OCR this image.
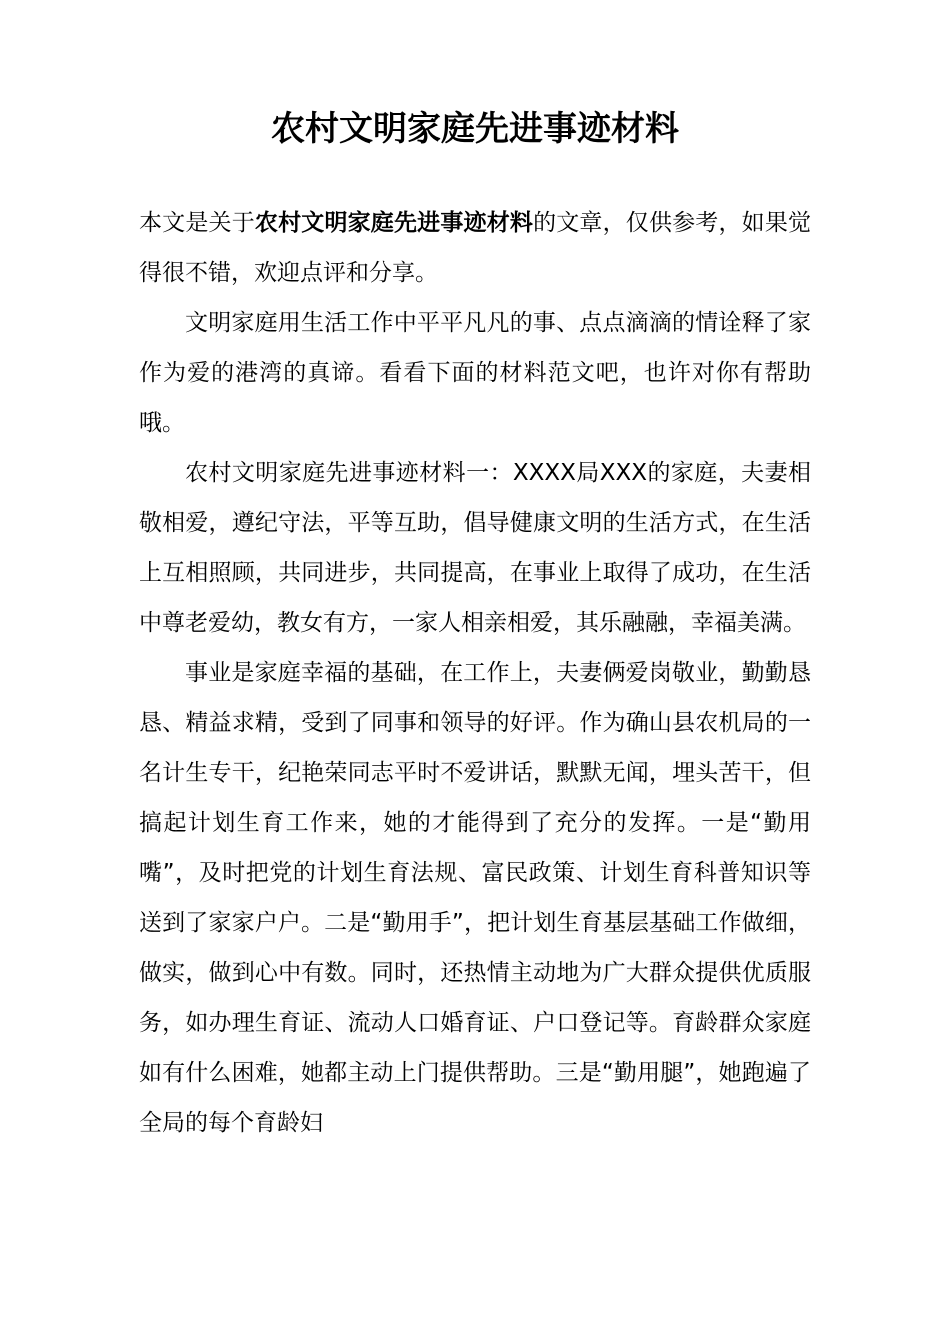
农村文明家庭先进事迹材料

本文是关于农村文明家庭先进事迹材料的文章，仅供参考，如果觉得很不错，欢迎点评和分享。

文明家庭用生活工作中平平凡凡的事、点点滴滴的情诠释了家作为爱的港湾的真谛。看看下面的材料范文吧，也许对你有帮助哦。

农村文明家庭先进事迹材料一：XXXX局XXX的家庭，夫妻相敬相爱，遵纪守法，平等互助，倡导健康文明的生活方式，在生活上互相照顾，共同进步，共同提高，在事业上取得了成功，在生活中尊老爱幼，教女有方，一家人相亲相爱，其乐融融，幸福美满。

事业是家庭幸福的基础，在工作上，夫妻俩爱岗敬业，勤勤恳恳、精益求精，受到了同事和领导的好评。作为确山县农机局的一名计生专干，纪艳荣同志平时不爱讲话，默默无闻，埋头苦干，但搞起计划生育工作来，她的才能得到了充分的发挥。一是“勤用嘴”，及时把党的计划生育法规、富民政策、计划生育科普知识等送到了家家户户。二是“勤用手”，把计划生育基层基础工作做细，做实，做到心中有数。同时，还热情主动地为广大群众提供优质服务，如办理生育证、流动人口婚育证、户口登记等。育龄群众家庭如有什么困难，她都主动上门提供帮助。三是“勤用腿”，她跑遍了全局的每个育龄妇
